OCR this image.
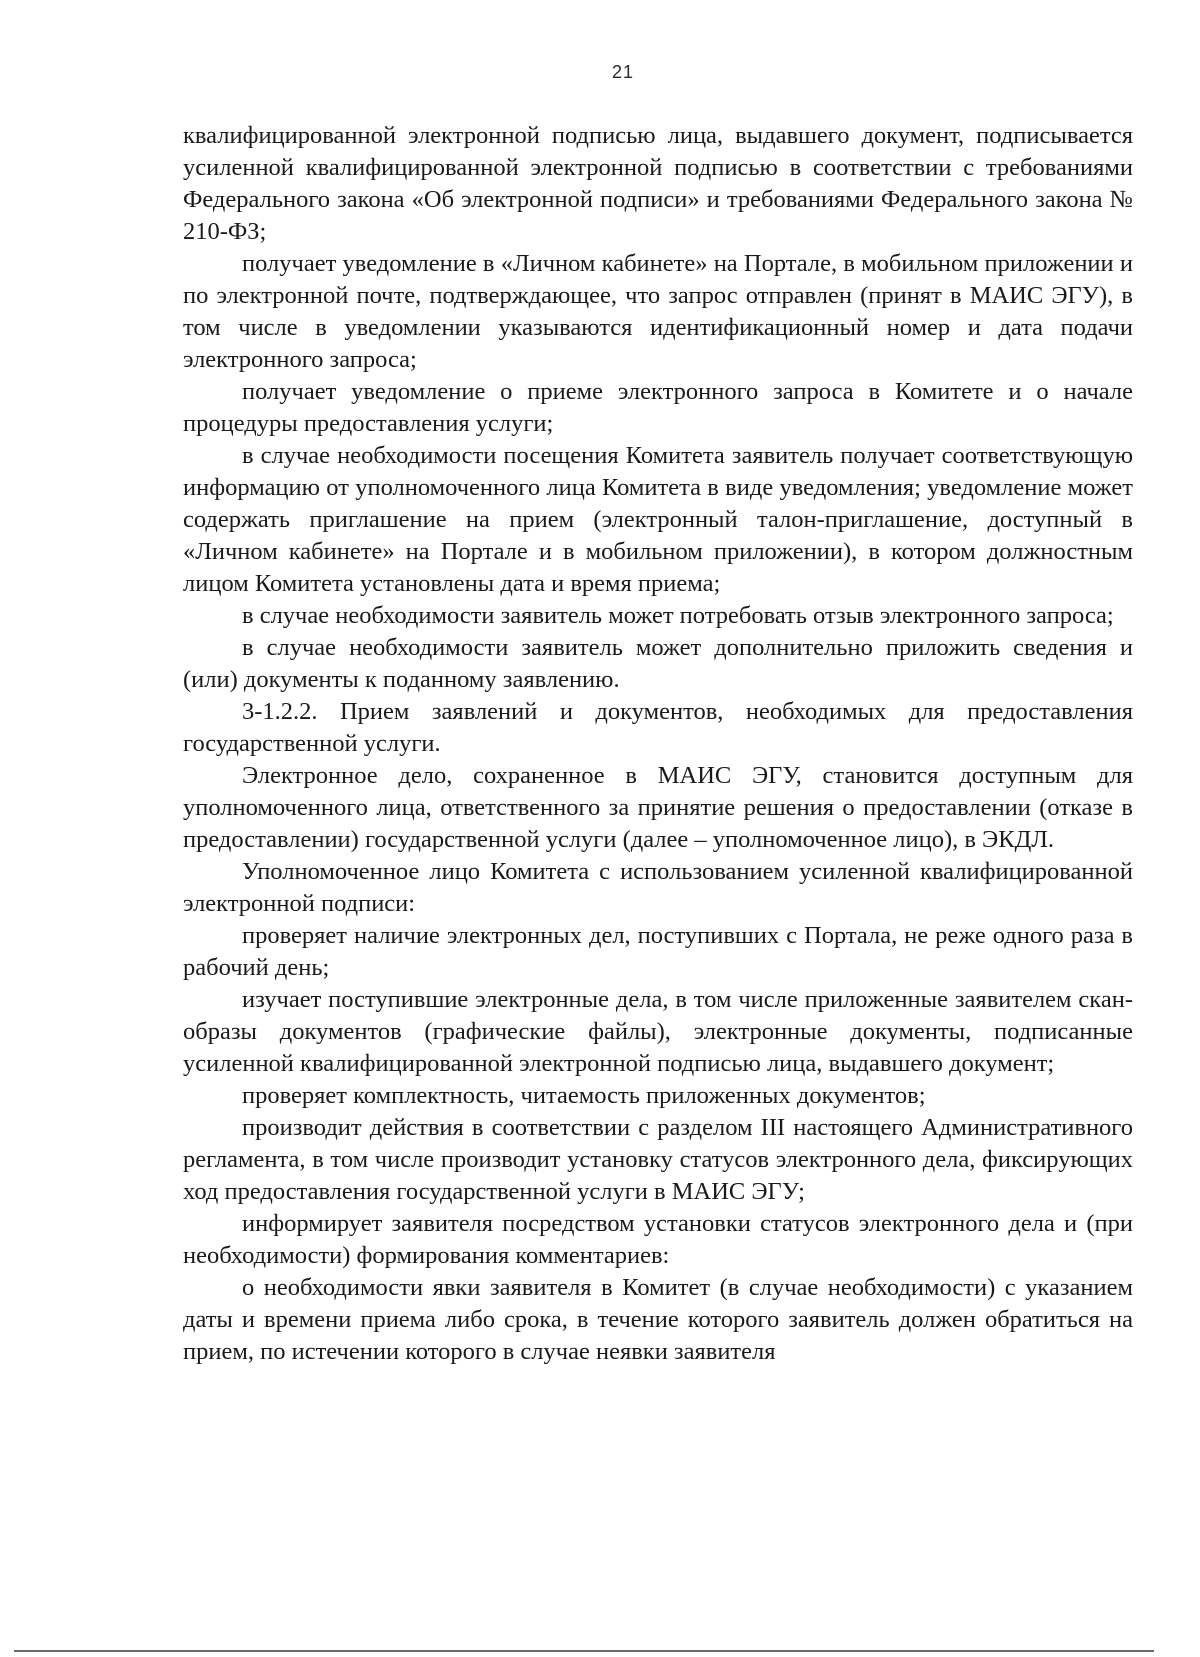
21

квалифицированной электронной подписью лица, выдавшего документ, подписывается усиленной квалифицированной электронной подписью в соответствии с требованиями Федерального закона «Об электронной подписи» и требованиями Федерального закона № 210-ФЗ;

получает уведомление в «Личном кабинете» на Портале, в мобильном приложении и по электронной почте, подтверждающее, что запрос отправлен (принят в МАИС ЭГУ), в том числе в уведомлении указываются идентификационный номер и дата подачи электронного запроса;

получает уведомление о приеме электронного запроса в Комитете и о начале процедуры предоставления услуги;

в случае необходимости посещения Комитета заявитель получает соответствующую информацию от уполномоченного лица Комитета в виде уведомления; уведомление может содержать приглашение на прием (электронный талон-приглашение, доступный в «Личном кабинете» на Портале и в мобильном приложении), в котором должностным лицом Комитета установлены дата и время приема;

в случае необходимости заявитель может потребовать отзыв электронного запроса;

в случае необходимости заявитель может дополнительно приложить сведения и (или) документы к поданному заявлению.

3-1.2.2. Прием заявлений и документов, необходимых для предоставления государственной услуги.

Электронное дело, сохраненное в МАИС ЭГУ, становится доступным для уполномоченного лица, ответственного за принятие решения о предоставлении (отказе в предоставлении) государственной услуги (далее – уполномоченное лицо), в ЭКДЛ.

Уполномоченное лицо Комитета с использованием усиленной квалифицированной электронной подписи:

проверяет наличие электронных дел, поступивших с Портала, не реже одного раза в рабочий день;

изучает поступившие электронные дела, в том числе приложенные заявителем скан-образы документов (графические файлы), электронные документы, подписанные усиленной квалифицированной электронной подписью лица, выдавшего документ;

проверяет комплектность, читаемость приложенных документов;

производит действия в соответствии с разделом III настоящего Административного регламента, в том числе производит установку статусов электронного дела, фиксирующих ход предоставления государственной услуги в МАИС ЭГУ;

информирует заявителя посредством установки статусов электронного дела и (при необходимости) формирования комментариев:

о необходимости явки заявителя в Комитет (в случае необходимости) с указанием даты и времени приема либо срока, в течение которого заявитель должен обратиться на прием, по истечении которого в случае неявки заявителя
